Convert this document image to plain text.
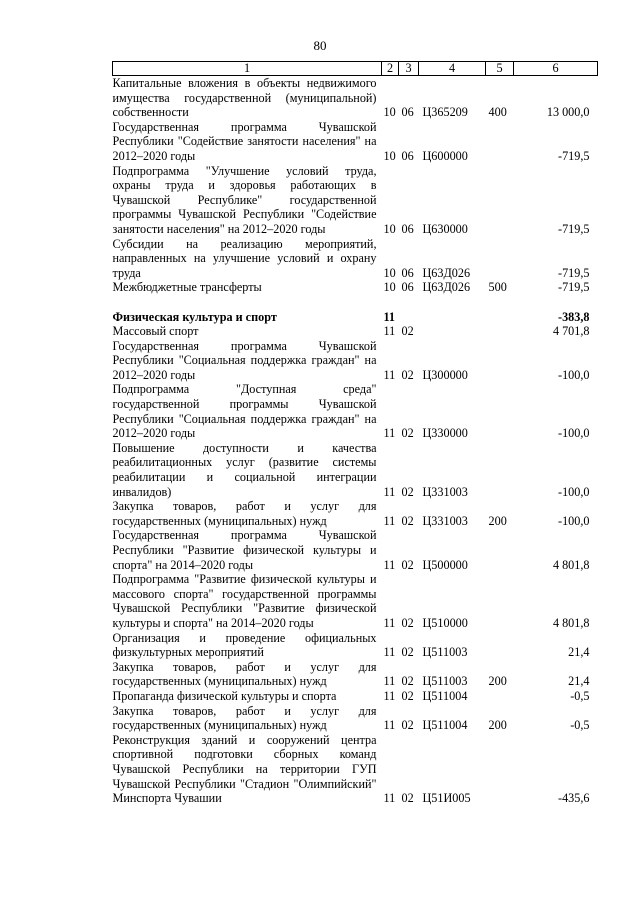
80
1	2	3	4	5	6
Капитальные вложения в объекты недвижимого имущества государственной (муниципальной) собственности	10	06	Ц365209	400	13 000,0
Государственная программа Чувашской Республики "Содействие занятости населения" на 2012–2020 годы	10	06	Ц600000		-719,5
Подпрограмма "Улучшение условий труда, охраны труда и здоровья работающих в Чувашской Республике" государственной программы Чувашской Республики "Содействие занятости населения" на 2012–2020 годы	10	06	Ц630000		-719,5
Субсидии на реализацию мероприятий, направленных на улучшение условий и охрану труда	10	06	Ц63Д026		-719,5
Межбюджетные трансферты	10	06	Ц63Д026	500	-719,5

Физическая культура и спорт	11				-383,8
Массовый спорт	11	02			4 701,8
Государственная программа Чувашской Республики "Социальная поддержка граждан" на 2012–2020 годы	11	02	Ц300000		-100,0
Подпрограмма "Доступная среда" государственной программы Чувашской Республики "Социальная поддержка граждан" на 2012–2020 годы	11	02	Ц330000		-100,0
Повышение доступности и качества реабилитационных услуг (развитие системы реабилитации и социальной интеграции инвалидов)	11	02	Ц331003		-100,0
Закупка товаров, работ и услуг для государственных (муниципальных) нужд	11	02	Ц331003	200	-100,0
Государственная программа Чувашской Республики "Развитие физической культуры и спорта" на 2014–2020 годы	11	02	Ц500000		4 801,8
Подпрограмма "Развитие физической культуры и массового спорта" государственной программы Чувашской Республики "Развитие физической культуры и спорта" на 2014–2020 годы	11	02	Ц510000		4 801,8
Организация и проведение официальных физкультурных мероприятий	11	02	Ц511003		21,4
Закупка товаров, работ и услуг для государственных (муниципальных) нужд	11	02	Ц511003	200	21,4
Пропаганда физической культуры и спорта	11	02	Ц511004		-0,5
Закупка товаров, работ и услуг для государственных (муниципальных) нужд	11	02	Ц511004	200	-0,5
Реконструкция зданий и сооружений центра спортивной подготовки сборных команд Чувашской Республики на территории ГУП Чувашской Республики "Стадион "Олимпийский" Минспорта Чувашии	11	02	Ц51И005		-435,6
